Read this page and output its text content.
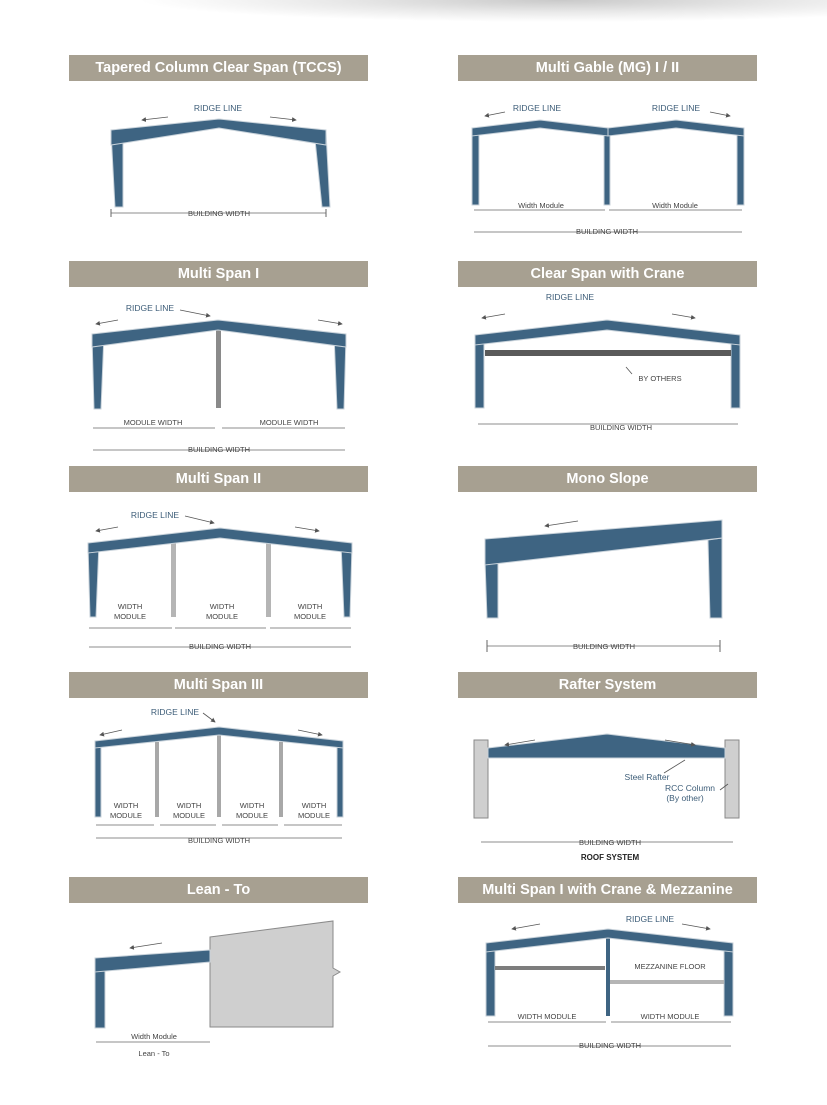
Tapered Column Clear Span (TCCS)	Multi Gable (MG) I / II
Multi Span I	Clear Span with Crane
Multi Span II	Mono Slope
Multi Span III	Rafter System
Lean - To	Multi Span I with Crane & Mezzanine
RIDGE LINE
BUILDING WIDTH
RIDGE LINE	RIDGE LINE
Width Module	Width Module
BUILDING WIDTH
RIDGE LINE
MODULE WIDTH	MODULE WIDTH
BUILDING WIDTH
RIDGE LINE
BY OTHERS
BUILDING WIDTH
RIDGE LINE
WIDTH
MODULE
WIDTH
MODULE
WIDTH
MODULE
BUILDING WIDTH	BUILDING WIDTH
RIDGE LINE
WIDTH
MODULE
WIDTH
MODULE
WIDTH
MODULE
WIDTH
MODULE
BUILDING WIDTH
Steel Rafter
RCC Column
(By other)
BUILDING WIDTH
ROOF SYSTEM
Width Module
Lean - To
RIDGE LINE
MEZZANINE FLOOR
WIDTH MODULE	WIDTH MODULE
BUILDING WIDTH
